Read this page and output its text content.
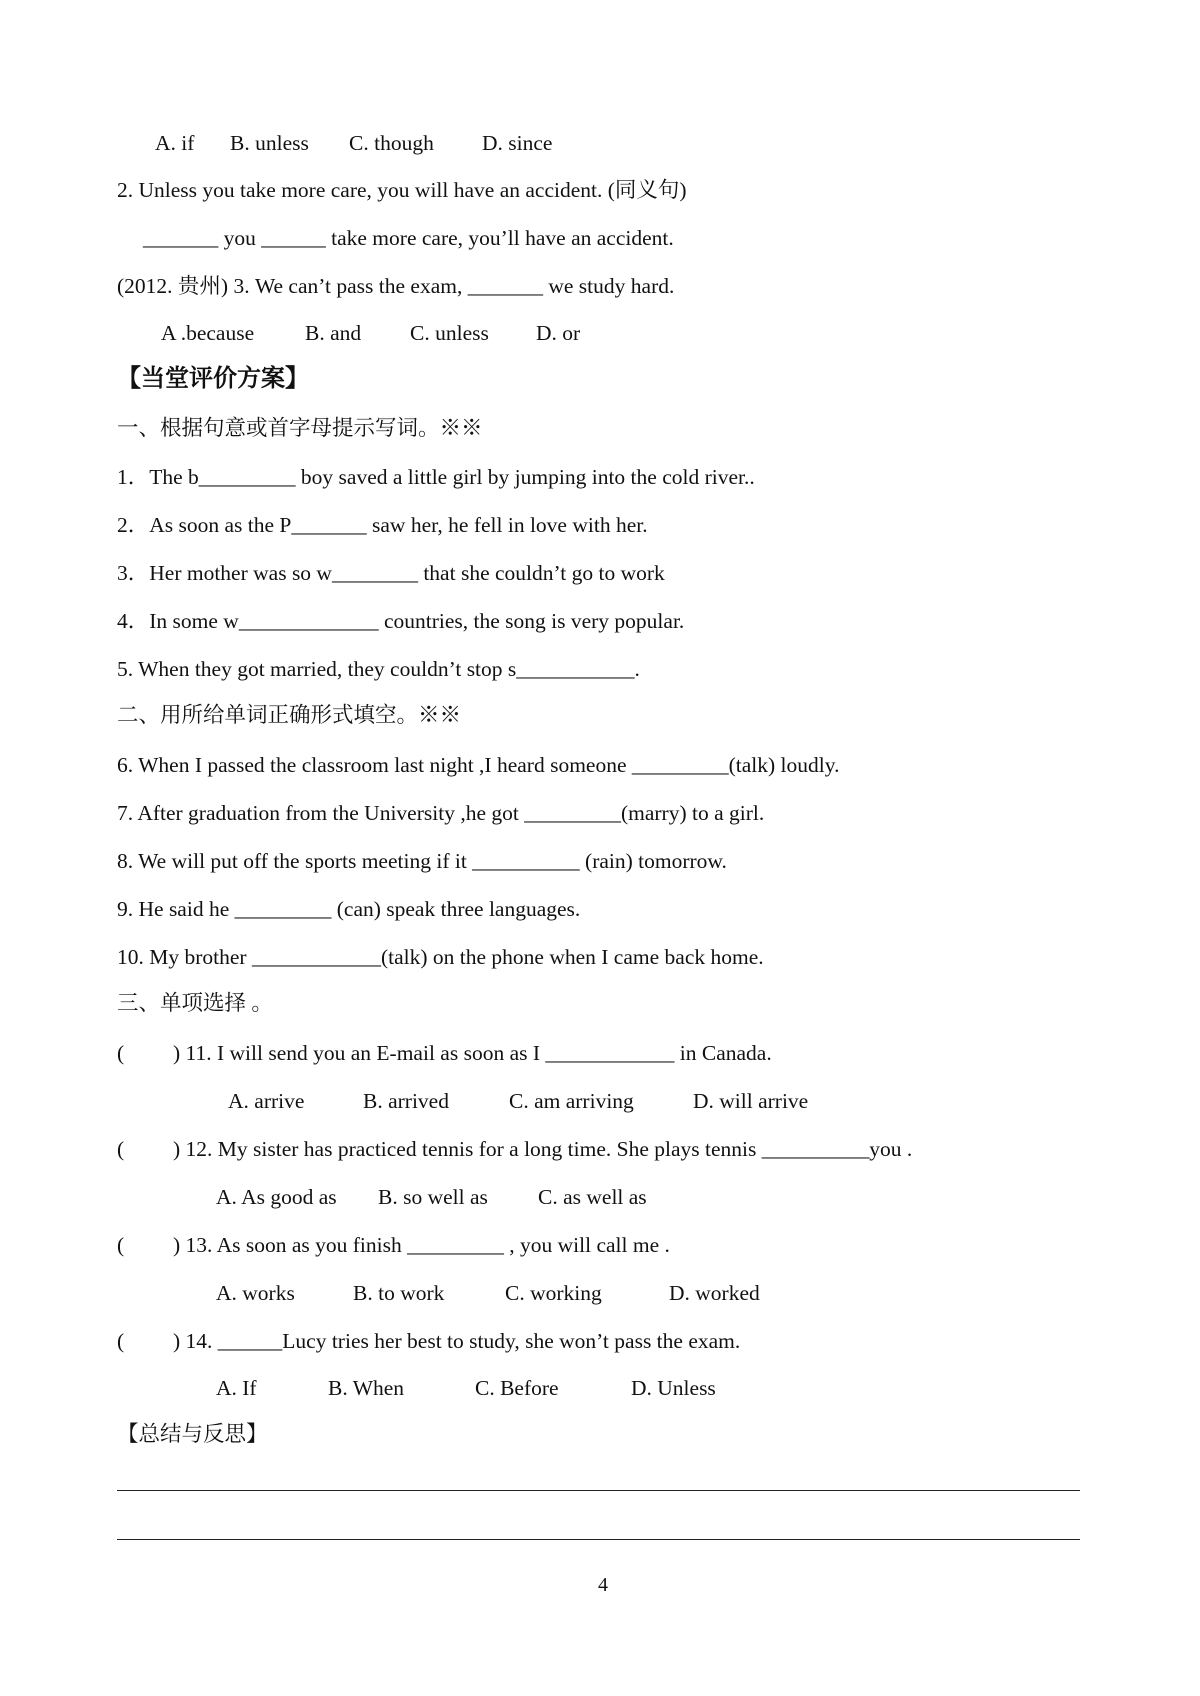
A. if B. unless C. though D. since
2. Unless you take more care, you will have an accident. (同义句)
_______ you ______ take more care, you’ll have an accident.
(2012. 贵州) 3. We can’t pass the exam, _______ we study hard.
A .because B. and C. unless D. or
【当堂评价方案】
一、根据句意或首字母提示写词。※※
1．The b_________ boy saved a little girl by jumping into the cold river..
2．As soon as the P_______ saw her, he fell in love with her.
3．Her mother was so w________ that she couldn’t go to work
4．In some w_____________ countries, the song is very popular.
5. When they got married, they couldn’t stop s___________.
二、用所给单词正确形式填空。※※
6. When I passed the classroom last night ,I heard someone _________(talk) loudly.
7. After graduation from the University ,he got _________(marry) to a girl.
8. We will put off the sports meeting if it __________ (rain) tomorrow.
9. He said he _________ (can) speak three languages.
10. My brother ____________(talk) on the phone when I came back home.
三、单项选择 。
( ) 11. I will send you an E-mail as soon as I ____________ in Canada.
A. arrive	B. arrived	C. am arriving	D. will arrive
( ) 12. My sister has practiced tennis for a long time. She plays tennis __________you .
A. As good as B. so well as C. as well as
( ) 13. As soon as you finish _________ , you will call me .
A. works	B. to work	C. working	D. worked
( ) 14. ______Lucy tries her best to study, she won’t pass the exam.
A. If	B. When	C. Before	D. Unless
【总结与反思】
4
